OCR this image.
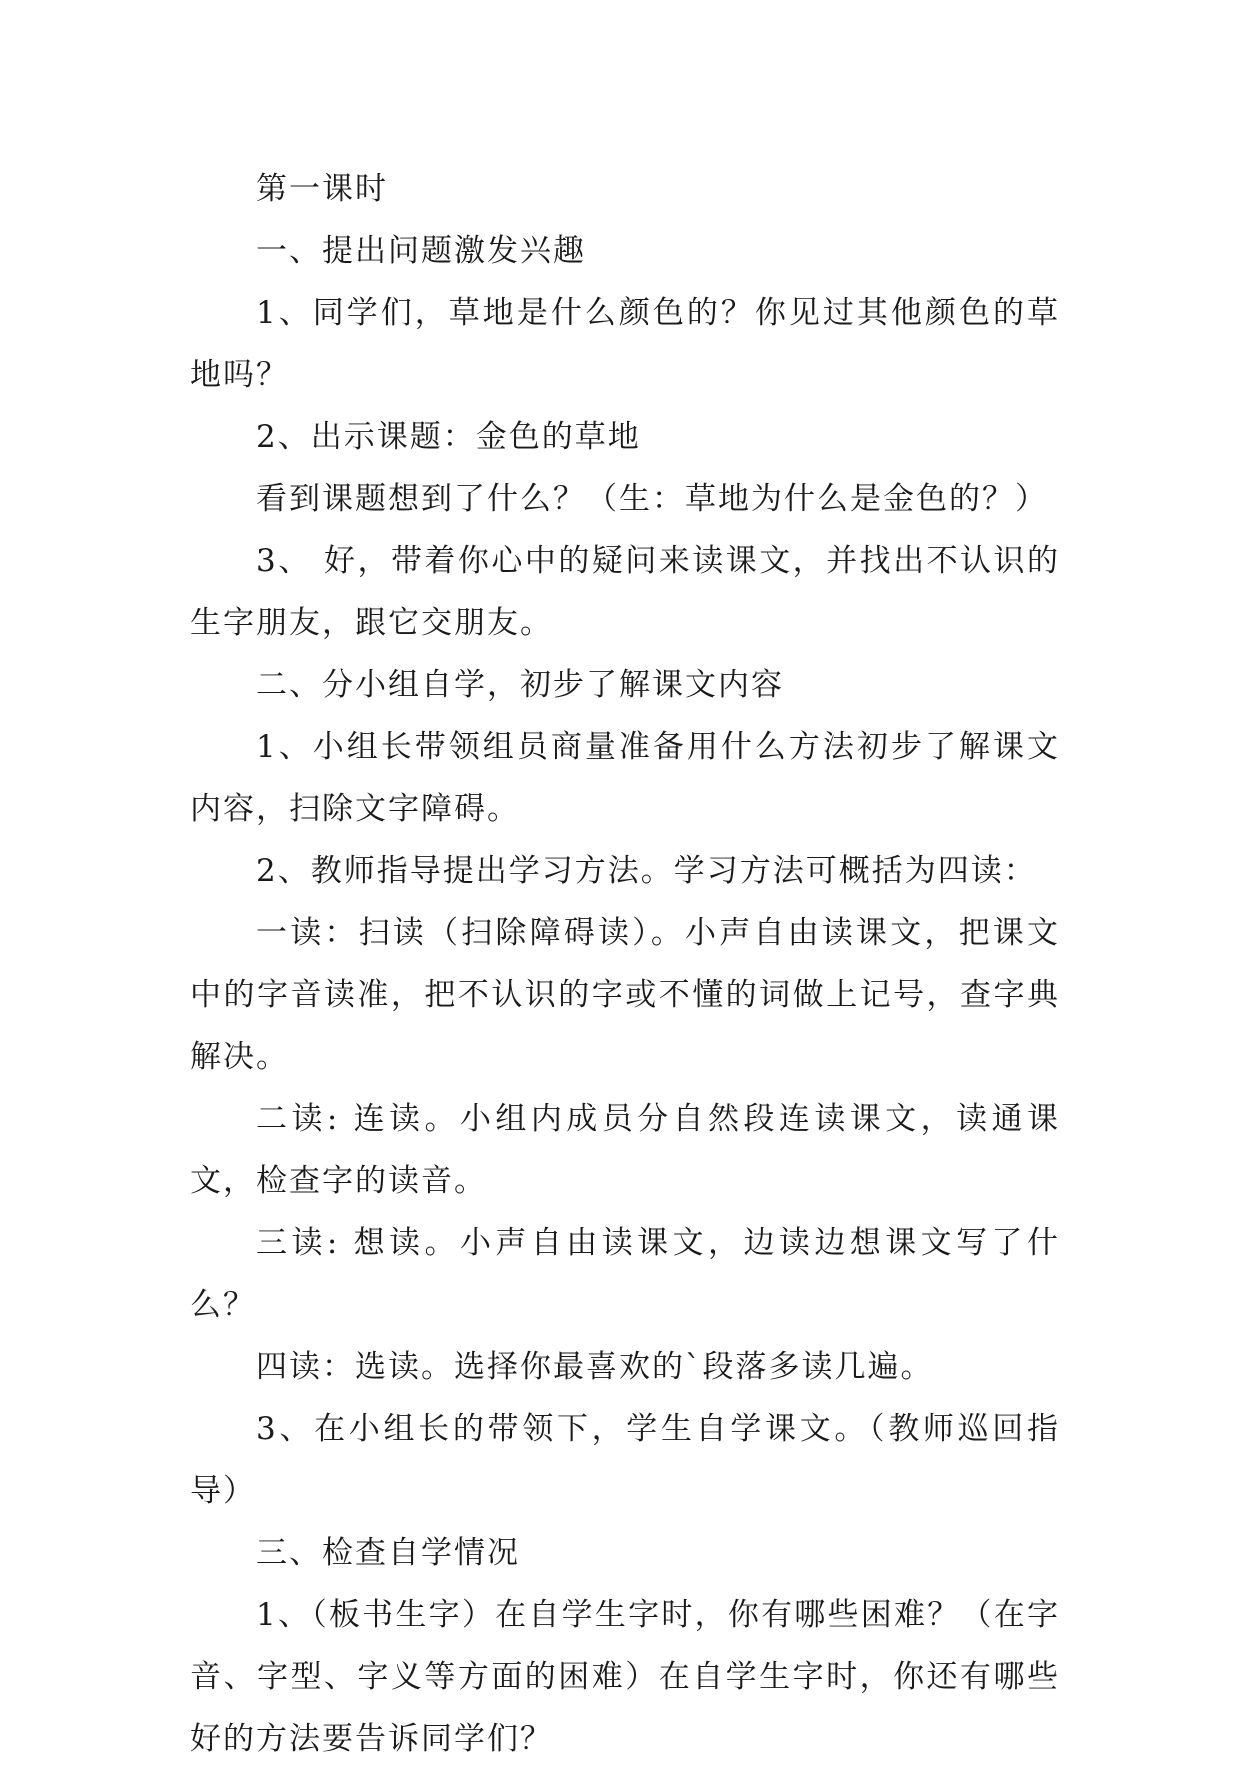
第一课时

一、提出问题激发兴趣

1、同学们，草地是什么颜色的？你见过其他颜色的草地吗？

2、出示课题：金色的草地

看到课题想到了什么？（生：草地为什么是金色的？）

3、 好，带着你心中的疑问来读课文，并找出不认识的生字朋友，跟它交朋友。

二、分小组自学，初步了解课文内容

1、小组长带领组员商量准备用什么方法初步了解课文内容，扫除文字障碍。

2、教师指导提出学习方法。学习方法可概括为四读：

一读：扫读（扫除障碍读）。小声自由读课文，把课文中的字音读准，把不认识的字或不懂的词做上记号，查字典解决。

二读: 连读。小组内成员分自然段连读课文，读通课文，检查字的读音。

三读: 想读。小声自由读课文，边读边想课文写了什么？

四读：选读。选择你最喜欢的`段落多读几遍。

3、在小组长的带领下，学生自学课文。（教师巡回指导）

三、检查自学情况

1、（板书生字）在自学生字时，你有哪些困难？（在字音、字型、字义等方面的困难）在自学生字时，你还有哪些好的方法要告诉同学们？
